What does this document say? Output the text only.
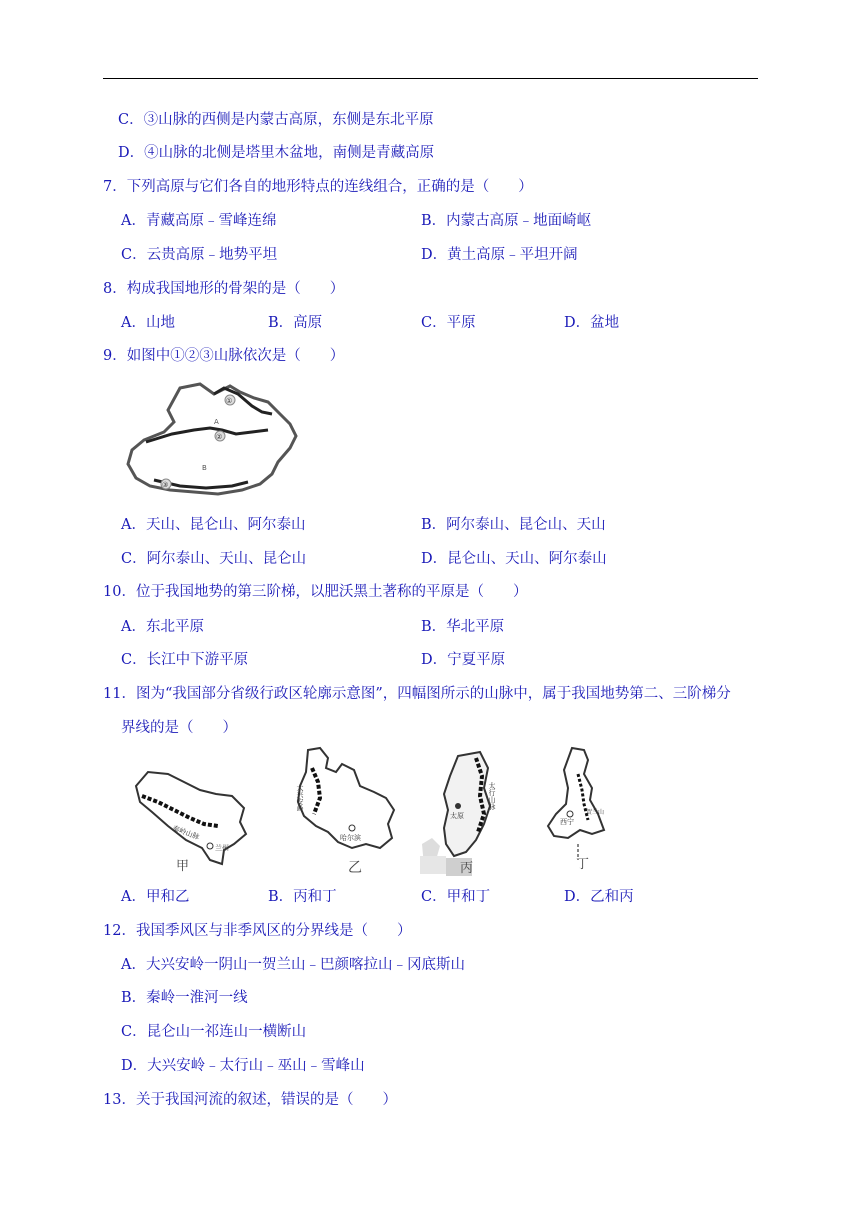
C．③山脉的西侧是内蒙古高原，东侧是东北平原
D．④山脉的北侧是塔里木盆地，南侧是青藏高原
7．下列高原与它们各自的地形特点的连线组合，正确的是（　　）
A．青藏高原﹣雪峰连绵	B．内蒙古高原﹣地面崎岖
C．云贵高原﹣地势平坦	D．黄土高原﹣平坦开阔
8．构成我国地形的骨架的是（　　）
A．山地	B．高原	C．平原	D．盆地
9．如图中①②③山脉依次是（　　）
①
A
②
B
③
A．天山、昆仑山、阿尔泰山	B．阿尔泰山、昆仑山、天山
C．阿尔泰山、天山、昆仑山	D．昆仑山、天山、阿尔泰山
10．位于我国地势的第三阶梯，以肥沃黑土著称的平原是（　　）
A．东北平原	B．华北平原
C．长江中下游平原	D．宁夏平原
11．图为“我国部分省级行政区轮廓示意图”，四幅图所示的山脉中，属于我国地势第二、三阶梯分
界线的是（　　）
秦岭山脉
兰州
甲
大兴安岭
哈尔滨
乙
太行山脉
太原
丙
西宁
贺兰山
丁
A．甲和乙	B．丙和丁	C．甲和丁	D．乙和丙
12．我国季风区与非季风区的分界线是（　　）
A．大兴安岭一阴山一贺兰山﹣巴颜喀拉山﹣冈底斯山
B．秦岭一淮河一线
C．昆仑山一祁连山一横断山
D．大兴安岭﹣太行山﹣巫山﹣雪峰山
13．关于我国河流的叙述，错误的是（　　）
